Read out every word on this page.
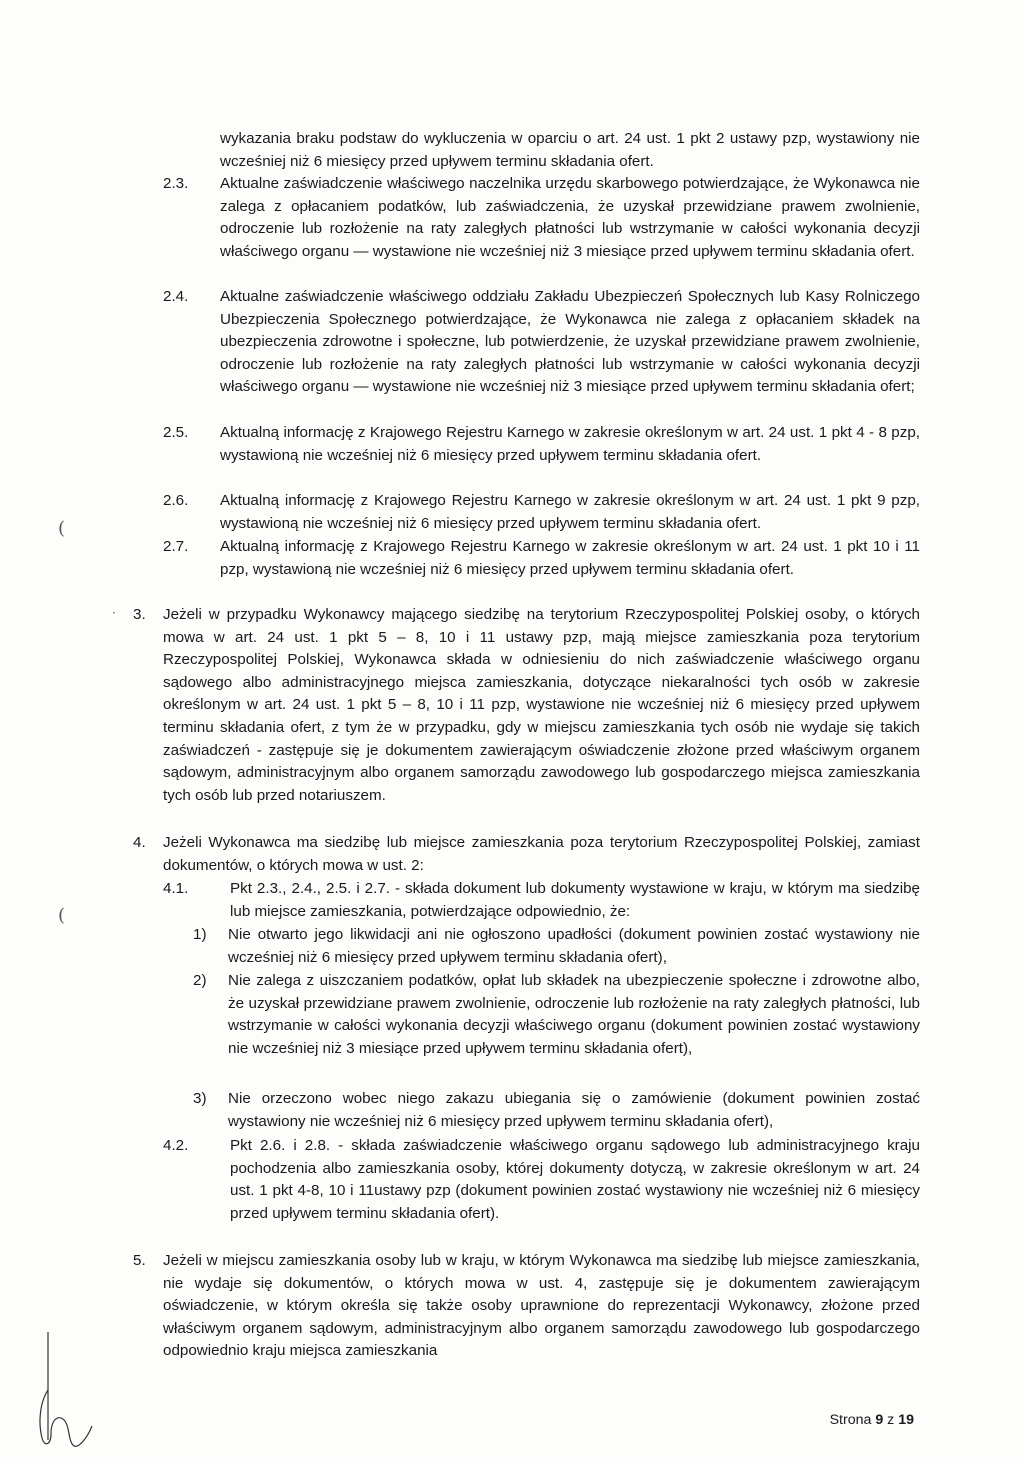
wykazania braku podstaw do wykluczenia w oparciu o art. 24 ust. 1 pkt 2 ustawy pzp, wystawiony nie wcześniej niż 6 miesięcy przed upływem terminu składania ofert.
2.3. Aktualne zaświadczenie właściwego naczelnika urzędu skarbowego potwierdzające, że Wykonawca nie zalega z opłacaniem podatków, lub zaświadczenia, że uzyskał przewidziane prawem zwolnienie, odroczenie lub rozłożenie na raty zaległych płatności lub wstrzymanie w całości wykonania decyzji właściwego organu — wystawione nie wcześniej niż 3 miesiące przed upływem terminu składania ofert.
2.4. Aktualne zaświadczenie właściwego oddziału Zakładu Ubezpieczeń Społecznych lub Kasy Rolniczego Ubezpieczenia Społecznego potwierdzające, że Wykonawca nie zalega z opłacaniem składek na ubezpieczenia zdrowotne i społeczne, lub potwierdzenie, że uzyskał przewidziane prawem zwolnienie, odroczenie lub rozłożenie na raty zaległych płatności lub wstrzymanie w całości wykonania decyzji właściwego organu — wystawione nie wcześniej niż 3 miesiące przed upływem terminu składania ofert;
2.5. Aktualną informację z Krajowego Rejestru Karnego w zakresie określonym w art. 24 ust. 1 pkt 4 - 8 pzp, wystawioną nie wcześniej niż 6 miesięcy przed upływem terminu składania ofert.
2.6. Aktualną informację z Krajowego Rejestru Karnego w zakresie określonym w art. 24 ust. 1 pkt 9 pzp, wystawioną nie wcześniej niż 6 miesięcy przed upływem terminu składania ofert.
2.7. Aktualną informację z Krajowego Rejestru Karnego w zakresie określonym w art. 24 ust. 1 pkt 10 i 11 pzp, wystawioną nie wcześniej niż 6 miesięcy przed upływem terminu składania ofert.
3. Jeżeli w przypadku Wykonawcy mającego siedzibę na terytorium Rzeczypospolitej Polskiej osoby, o których mowa w art. 24 ust. 1 pkt 5 – 8, 10 i 11 ustawy pzp, mają miejsce zamieszkania poza terytorium Rzeczypospolitej Polskiej, Wykonawca składa w odniesieniu do nich zaświadczenie właściwego organu sądowego albo administracyjnego miejsca zamieszkania, dotyczące niekaralności tych osób w zakresie określonym w art. 24 ust. 1 pkt 5 – 8, 10 i 11 pzp, wystawione nie wcześniej niż 6 miesięcy przed upływem terminu składania ofert, z tym że w przypadku, gdy w miejscu zamieszkania tych osób nie wydaje się takich zaświadczeń - zastępuje się je dokumentem zawierającym oświadczenie złożone przed właściwym organem sądowym, administracyjnym albo organem samorządu zawodowego lub gospodarczego miejsca zamieszkania tych osób lub przed notariuszem.
4. Jeżeli Wykonawca ma siedzibę lub miejsce zamieszkania poza terytorium Rzeczypospolitej Polskiej, zamiast dokumentów, o których mowa w ust. 2:
4.1.	Pkt 2.3., 2.4., 2.5. i 2.7. - składa dokument lub dokumenty wystawione w kraju, w którym ma siedzibę lub miejsce zamieszkania, potwierdzające odpowiednio, że:
1) Nie otwarto jego likwidacji ani nie ogłoszono upadłości (dokument powinien zostać wystawiony nie wcześniej niż 6 miesięcy przed upływem terminu składania ofert),
2) Nie zalega z uiszczaniem podatków, opłat lub składek na ubezpieczenie społeczne i zdrowotne albo, że uzyskał przewidziane prawem zwolnienie, odroczenie lub rozłożenie na raty zaległych płatności, lub wstrzymanie w całości wykonania decyzji właściwego organu (dokument powinien zostać wystawiony nie wcześniej niż 3 miesiące przed upływem terminu składania ofert),
3) Nie orzeczono wobec niego zakazu ubiegania się o zamówienie (dokument powinien zostać wystawiony nie wcześniej niż 6 miesięcy przed upływem terminu składania ofert),
4.2.	Pkt 2.6. i 2.8. - składa zaświadczenie właściwego organu sądowego lub administracyjnego kraju pochodzenia albo zamieszkania osoby, której dokumenty dotyczą, w zakresie określonym w art. 24 ust. 1 pkt 4-8, 10 i 11ustawy pzp (dokument powinien zostać wystawiony nie wcześniej niż 6 miesięcy przed upływem terminu składania ofert).
5. Jeżeli w miejscu zamieszkania osoby lub w kraju, w którym Wykonawca ma siedzibę lub miejsce zamieszkania, nie wydaje się dokumentów, o których mowa w ust. 4, zastępuje się je dokumentem zawierającym oświadczenie, w którym określa się także osoby uprawnione do reprezentacji Wykonawcy, złożone przed właściwym organem sądowym, administracyjnym albo organem samorządu zawodowego lub gospodarczego odpowiednio kraju miejsca zamieszkania
Strona 9 z 19
(
(
·
